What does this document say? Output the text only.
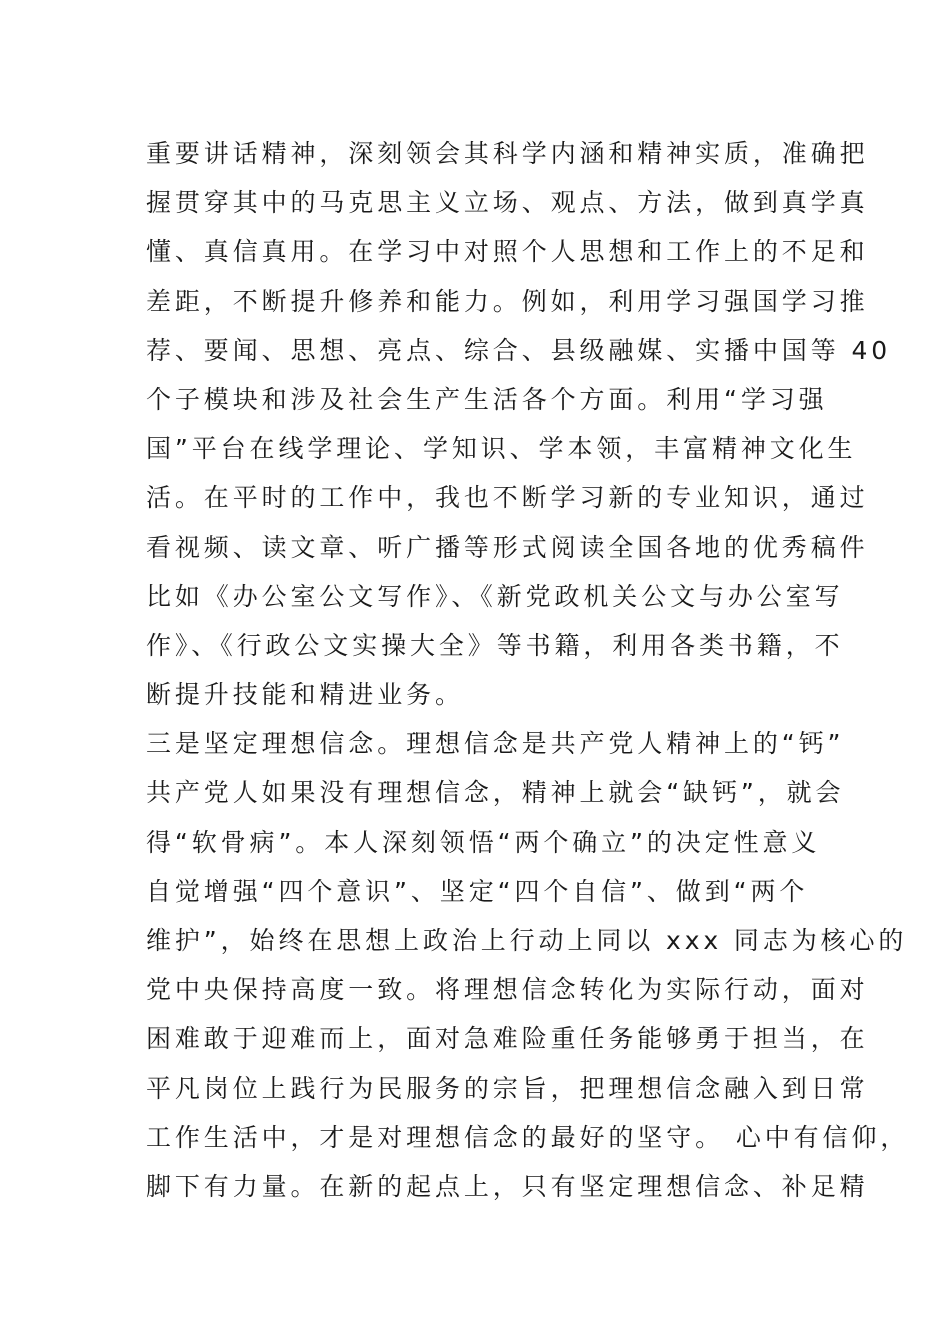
重要讲话精神，深刻领会其科学内涵和精神实质，准确把
握贯穿其中的马克思主义立场、观点、方法，做到真学真
懂、真信真用。在学习中对照个人思想和工作上的不足和
差距，不断提升修养和能力。例如，利用学习强国学习推
荐、要闻、思想、亮点、综合、县级融媒、实播中国等 40
个子模块和涉及社会生产生活各个方面。利用“学习强
国”平台在线学理论、学知识、学本领，丰富精神文化生
活。在平时的工作中，我也不断学习新的专业知识，通过
看视频、读文章、听广播等形式阅读全国各地的优秀稿件
比如《办公室公文写作》、《新党政机关公文与办公室写
作》、《行政公文实操大全》等书籍，利用各类书籍，不
断提升技能和精进业务。
三是坚定理想信念。理想信念是共产党人精神上的“钙”
共产党人如果没有理想信念，精神上就会“缺钙”，就会
得“软骨病”。本人深刻领悟“两个确立”的决定性意义
自觉增强“四个意识”、坚定“四个自信”、做到“两个
维护”，始终在思想上政治上行动上同以 xxx 同志为核心的
党中央保持高度一致。将理想信念转化为实际行动，面对
困难敢于迎难而上，面对急难险重任务能够勇于担当，在
平凡岗位上践行为民服务的宗旨，把理想信念融入到日常
工作生活中，才是对理想信念的最好的坚守。 心中有信仰，
脚下有力量。在新的起点上，只有坚定理想信念、补足精
